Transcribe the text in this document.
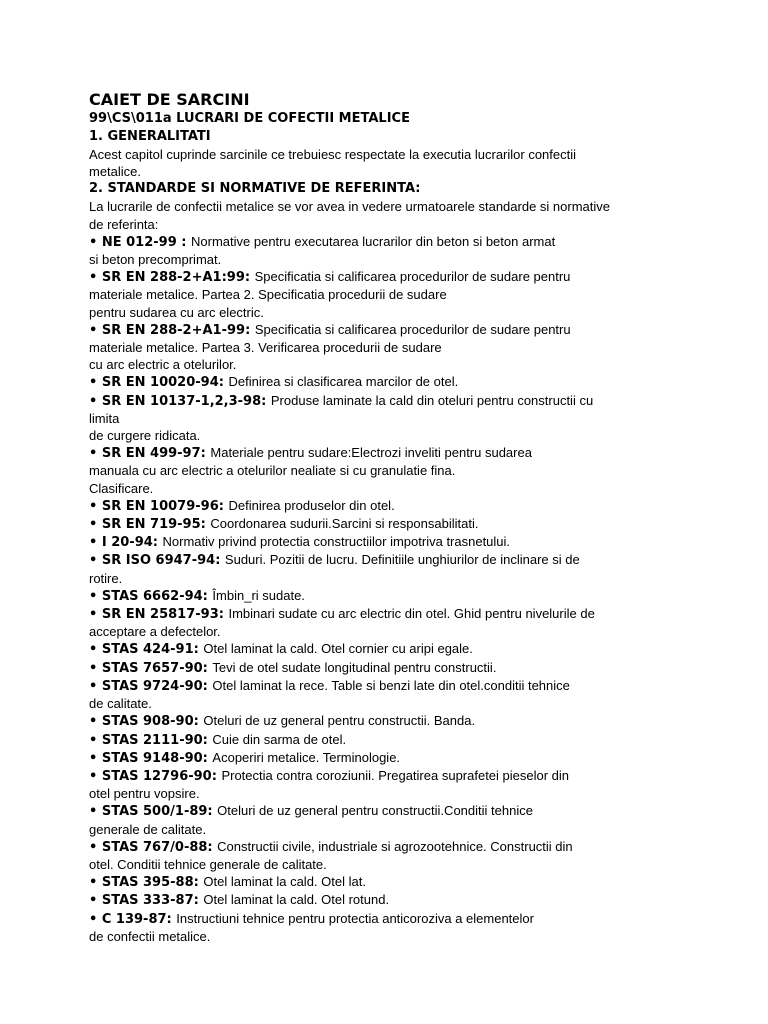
CAIET DE SARCINI
99\CS\011a LUCRARI DE COFECTII METALICE
1. GENERALITATI

Acest capitol cuprinde sarcinile ce trebuiesc respectate la executia lucrarilor confectii

metalice.

2. STANDARDE SI NORMATIVE DE REFERINTA:

La lucrarile de confectii metalice se vor avea in vedere urmatoarele standarde si normative

de referinta:

• NE 012-99 : Normative pentru executarea lucrarilor din beton si beton armat

si beton precomprimat.

• SR EN 288-2+A1:99: Specificatia si calificarea procedurilor de sudare pentru

materiale metalice. Partea 2. Specificatia procedurii de sudare

pentru sudarea cu arc electric.

• SR EN 288-2+A1-99: Specificatia si calificarea procedurilor de sudare pentru

materiale metalice. Partea 3. Verificarea procedurii de sudare

cu arc electric a otelurilor.

• SR EN 10020-94: Definirea si clasificarea marcilor de otel.

• SR EN 10137-1,2,3-98: Produse laminate la cald din oteluri pentru constructii cu

limita

de curgere ridicata.

• SR EN 499-97: Materiale pentru sudare:Electrozi inveliti pentru sudarea

manuala cu arc electric a otelurilor nealiate si cu granulatie fina.

Clasificare.

• SR EN 10079-96: Definirea produselor din otel.

• SR EN 719-95: Coordonarea sudurii.Sarcini si responsabilitati.

• I 20-94: Normativ privind protectia constructiilor impotriva trasnetului.

• SR ISO 6947-94: Suduri. Pozitii de lucru. Definitiile unghiurilor de inclinare si de

rotire.

• STAS 6662-94: Îmbin_ri sudate.

• SR EN 25817-93: Imbinari sudate cu arc electric din otel. Ghid pentru nivelurile de

acceptare a defectelor.

• STAS 424-91: Otel laminat la cald. Otel cornier cu aripi egale.

• STAS 7657-90: Tevi de otel sudate longitudinal pentru constructii.

• STAS 9724-90: Otel laminat la rece. Table si benzi late din otel.conditii tehnice

de calitate.

• STAS 908-90: Oteluri de uz general pentru constructii. Banda.

• STAS 2111-90: Cuie din sarma de otel.

• STAS 9148-90: Acoperiri metalice. Terminologie.

• STAS 12796-90: Protectia contra coroziunii. Pregatirea suprafetei pieselor din

otel pentru vopsire.

• STAS 500/1-89: Oteluri de uz general pentru constructii.Conditii tehnice

generale de calitate.

• STAS 767/0-88: Constructii civile, industriale si agrozootehnice. Constructii din

otel. Conditii tehnice generale de calitate.

• STAS 395-88: Otel laminat la cald. Otel lat.

• STAS 333-87: Otel laminat la cald. Otel rotund.

• C 139-87: Instructiuni tehnice pentru protectia anticoroziva a elementelor

de confectii metalice.
